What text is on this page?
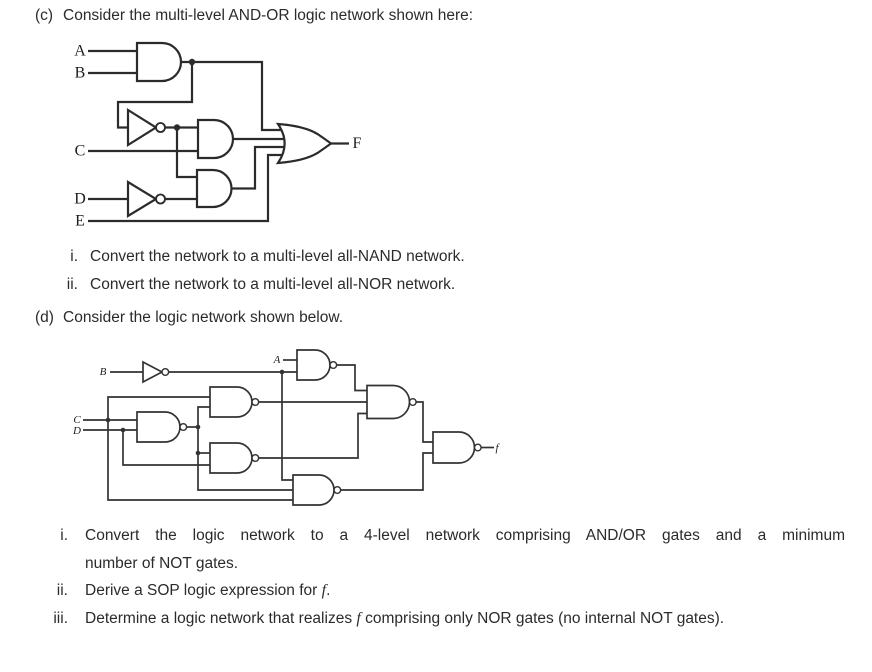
(c) Consider the multi-level AND-OR logic network shown here:
A
B
C
D
E
F
i. Convert the network to a multi-level all-NAND network.
ii. Convert the network to a multi-level all-NOR network.
(d) Consider the logic network shown below.
B
A
C
D
f
i. Convert the logic network to a 4-level network comprising AND/OR gates and a minimum
number of NOT gates.
ii. Derive a SOP logic expression for f.
iii. Determine a logic network that realizes f comprising only NOR gates (no internal NOT gates).
